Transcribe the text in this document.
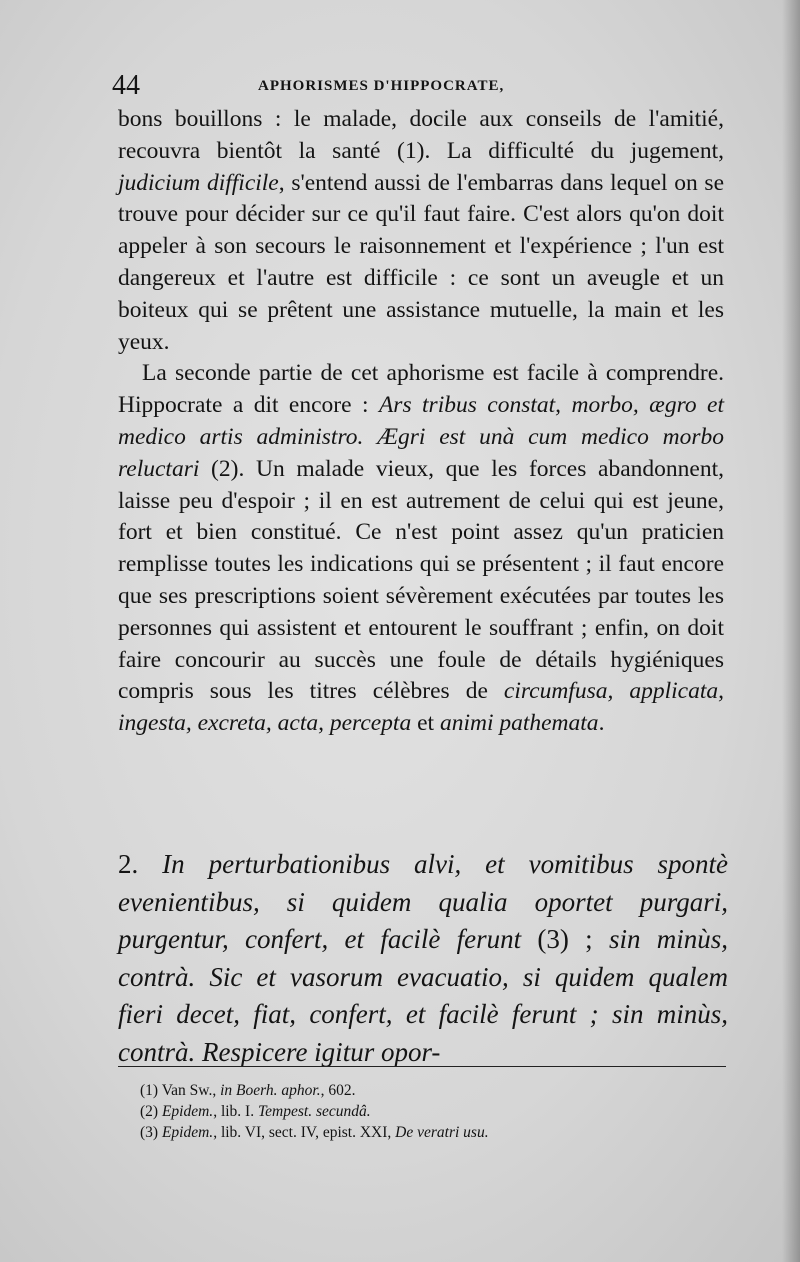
44	APHORISMES D'HIPPOCRATE,

bons bouillons : le malade, docile aux conseils de l'amitié, recouvra bientôt la santé (1). La difficulté du jugement, judicium difficile, s'entend aussi de l'embarras dans lequel on se trouve pour décider sur ce qu'il faut faire. C'est alors qu'on doit appeler à son secours le raisonnement et l'expérience ; l'un est dangereux et l'autre est difficile : ce sont un aveugle et un boiteux qui se prêtent une assistance mutuelle, la main et les yeux.

La seconde partie de cet aphorisme est facile à comprendre. Hippocrate a dit encore : Ars tribus constat, morbo, ægro et medico artis administro. Ægri est unà cum medico morbo reluctari (2). Un malade vieux, que les forces abandonnent, laisse peu d'espoir ; il en est autrement de celui qui est jeune, fort et bien constitué. Ce n'est point assez qu'un praticien remplisse toutes les indications qui se présentent ; il faut encore que ses prescriptions soient sévèrement exécutées par toutes les personnes qui assistent et entourent le souffrant ; enfin, on doit faire concourir au succès une foule de détails hygiéniques compris sous les titres célèbres de circumfusa, applicata, ingesta, excreta, acta, percepta et animi pathemata.

2. In perturbationibus alvi, et vomitibus spontè evenientibus, si quidem qualia oportet purgari, purgentur, confert, et facilè ferunt (3) ; sin minùs, contrà. Sic et vasorum evacuatio, si quidem qualem fieri decet, fiat, confert, et facilè ferunt ; sin minùs, contrà. Respicere igitur opor-
(1) Van Sw., in Boerh. aphor., 602.
(2) Epidem., lib. I. Tempest. secundâ.
(3) Epidem., lib. VI, sect. IV, epist. XXI, De veratri usu.
